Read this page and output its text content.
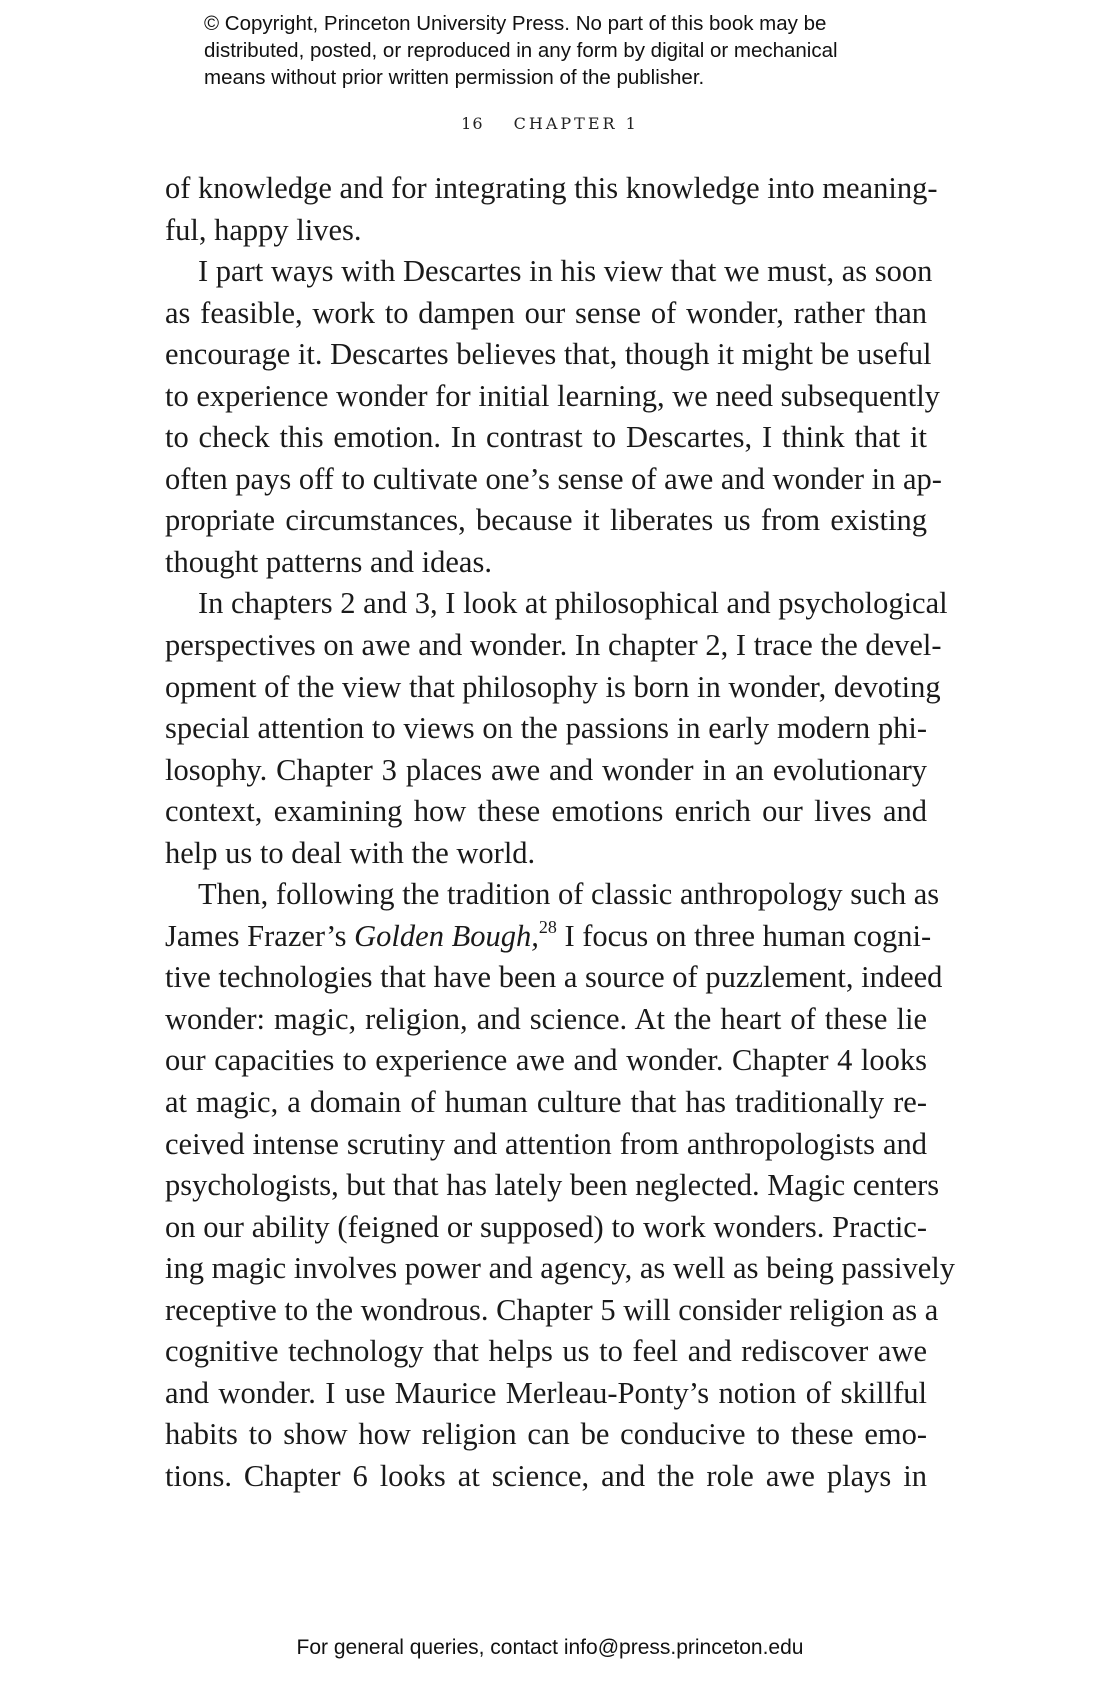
© Copyright, Princeton University Press. No part of this book may be
distributed, posted, or reproduced in any form by digital or mechanical
means without prior written permission of the publisher.
16 CHAPTER 1
of knowledge and for integrating this knowledge into meaning-
ful, happy lives.
I part ways with Descartes in his view that we must, as soon
as feasible, work to dampen our sense of wonder, rather than
encourage it. Descartes believes that, though it might be useful
to experience wonder for initial learning, we need subsequently
to check this emotion. In contrast to Descartes, I think that it
often pays off to cultivate one’s sense of awe and wonder in ap-
propriate circumstances, because it liberates us from existing
thought patterns and ideas.
In chapters 2 and 3, I look at philosophical and psychological
perspectives on awe and wonder. In chapter 2, I trace the devel-
opment of the view that philosophy is born in wonder, devoting
special attention to views on the passions in early modern phi-
losophy. Chapter 3 places awe and wonder in an evolutionary
context, examining how these emotions enrich our lives and
help us to deal with the world.
Then, following the tradition of classic anthropology such as
James Frazer’s Golden Bough,$^{28}$ I focus on three human cogni-
tive technologies that have been a source of puzzlement, indeed
wonder: magic, religion, and science. At the heart of these lie
our capacities to experience awe and wonder. Chapter 4 looks
at magic, a domain of human culture that has traditionally re-
ceived intense scrutiny and attention from anthropologists and
psychologists, but that has lately been neglected. Magic centers
on our ability (feigned or supposed) to work wonders. Practic-
ing magic involves power and agency, as well as being passively
receptive to the wondrous. Chapter 5 will consider religion as a
cognitive technology that helps us to feel and rediscover awe
and wonder. I use Maurice Merleau-Ponty’s notion of skillful
habits to show how religion can be conducive to these emo-
tions. Chapter 6 looks at science, and the role awe plays in
For general queries, contact info@press.princeton.edu
